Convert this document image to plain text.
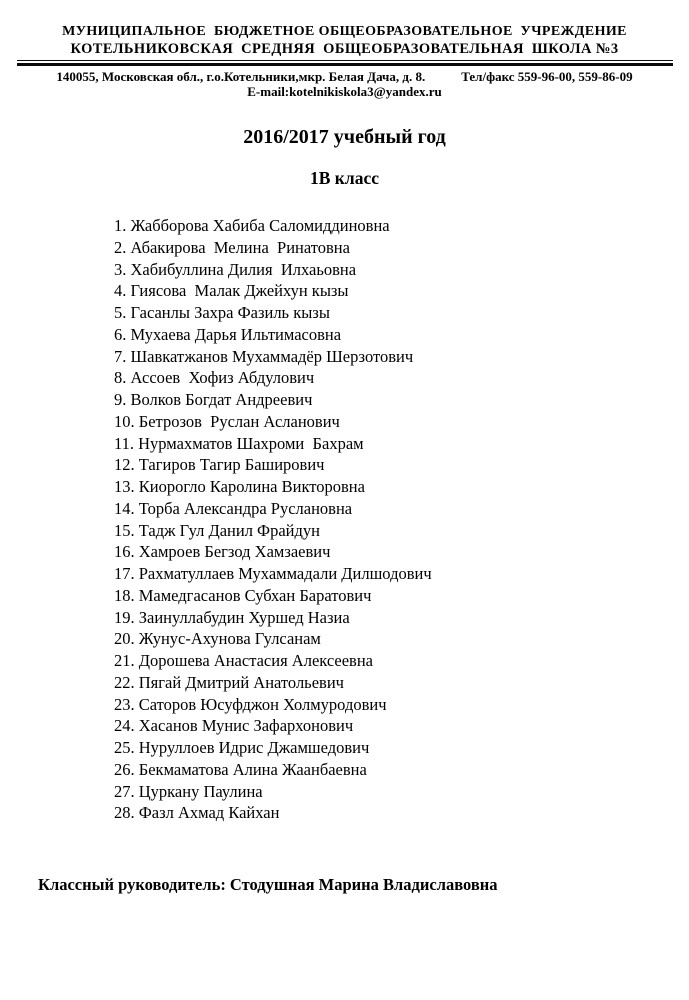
МУНИЦИПАЛЬНОЕ  БЮДЖЕТНОЕ ОБЩЕОБРАЗОВАТЕЛЬНОЕ  УЧРЕЖДЕНИЕ
КОТЕЛЬНИКОВСКАЯ  СРЕДНЯЯ  ОБЩЕОБРАЗОВАТЕЛЬНАЯ  ШКОЛА №3
140055, Московская обл., г.о.Котельники,мкр. Белая Дача, д. 8.	Тел/факс 559-96-00, 559-86-09
E-mail:kotelnikiskola3@yandex.ru
2016/2017 учебный год
1В класс
1. Жабборова Хабиба Саломиддиновна
2. Абакирова  Мелина  Ринатовна
3. Хабибуллина Дилия  Илхаьовна
4. Гиясова  Малак Джейхун кызы
5. Гасанлы Захра Фазиль кызы
6. Мухаева Дарья Ильтимасовна
7. Шавкатжанов Мухаммадёр Шерзотович
8. Ассоев  Хофиз Абдулович
9. Волков Богдат Андреевич
10. Бетрозов  Руслан Асланович
11. Нурмахматов Шахроми  Бахрам
12. Тагиров Тагир Баширович
13. Киорогло Каролина Викторовна
14. Торба Александра Руслановна
15. Тадж Гул Данил Фрайдун
16. Хамроев Бегзод Хамзаевич
17. Рахматуллаев Мухаммадали Дилшодович
18. Мамедгасанов Субхан Баратович
19. Заинуллабудин Хуршед Назиа
20. Жунус-Ахунова Гулсанам
21. Дорошева Анастасия Алексеевна
22. Пягай Дмитрий Анатольевич
23. Саторов Юсуфджон Холмуродович
24. Хасанов Мунис Зафархонович
25. Нуруллоев Идрис Джамшедович
26. Бекмаматова Алина Жаанбаевна
27. Цуркану Паулина
28. Фазл Ахмад Кайхан
Классный руководитель: Стодушная Марина Владиславовна
